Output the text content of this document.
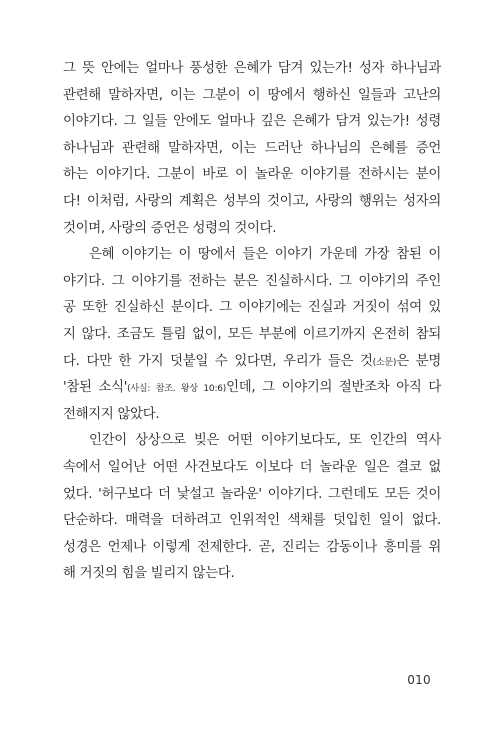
그 뜻 안에는 얼마나 풍성한 은혜가 담겨 있는가! 성자 하나님과
관련해 말하자면, 이는 그분이 이 땅에서 행하신 일들과 고난의
이야기다. 그 일들 안에도 얼마나 깊은 은혜가 담겨 있는가! 성령
하나님과 관련해 말하자면, 이는 드러난 하나님의 은혜를 증언
하는 이야기다. 그분이 바로 이 놀라운 이야기를 전하시는 분이
다! 이처럼, 사랑의 계획은 성부의 것이고, 사랑의 행위는 성자의
것이며, 사랑의 증언은 성령의 것이다.
은혜 이야기는 이 땅에서 들은 이야기 가운데 가장 참된 이
야기다. 그 이야기를 전하는 분은 진실하시다. 그 이야기의 주인
공 또한 진실하신 분이다. 그 이야기에는 진실과 거짓이 섞여 있
지 않다. 조금도 틀림 없이, 모든 부분에 이르기까지 온전히 참되
다. 다만 한 가지 덧붙일 수 있다면, 우리가 들은 것(소문)은 분명
'참된 소식'(사실: 참조. 왕상 10:6)인데, 그 이야기의 절반조차 아직 다
전해지지 않았다.
인간이 상상으로 빚은 어떤 이야기보다도, 또 인간의 역사
속에서 일어난 어떤 사건보다도 이보다 더 놀라운 일은 결코 없
었다. '허구보다 더 낯설고 놀라운' 이야기다. 그런데도 모든 것이
단순하다. 매력을 더하려고 인위적인 색채를 덧입힌 일이 없다.
성경은 언제나 이렇게 전제한다. 곧, 진리는 감동이나 흥미를 위
해 거짓의 힘을 빌리지 않는다.
010
